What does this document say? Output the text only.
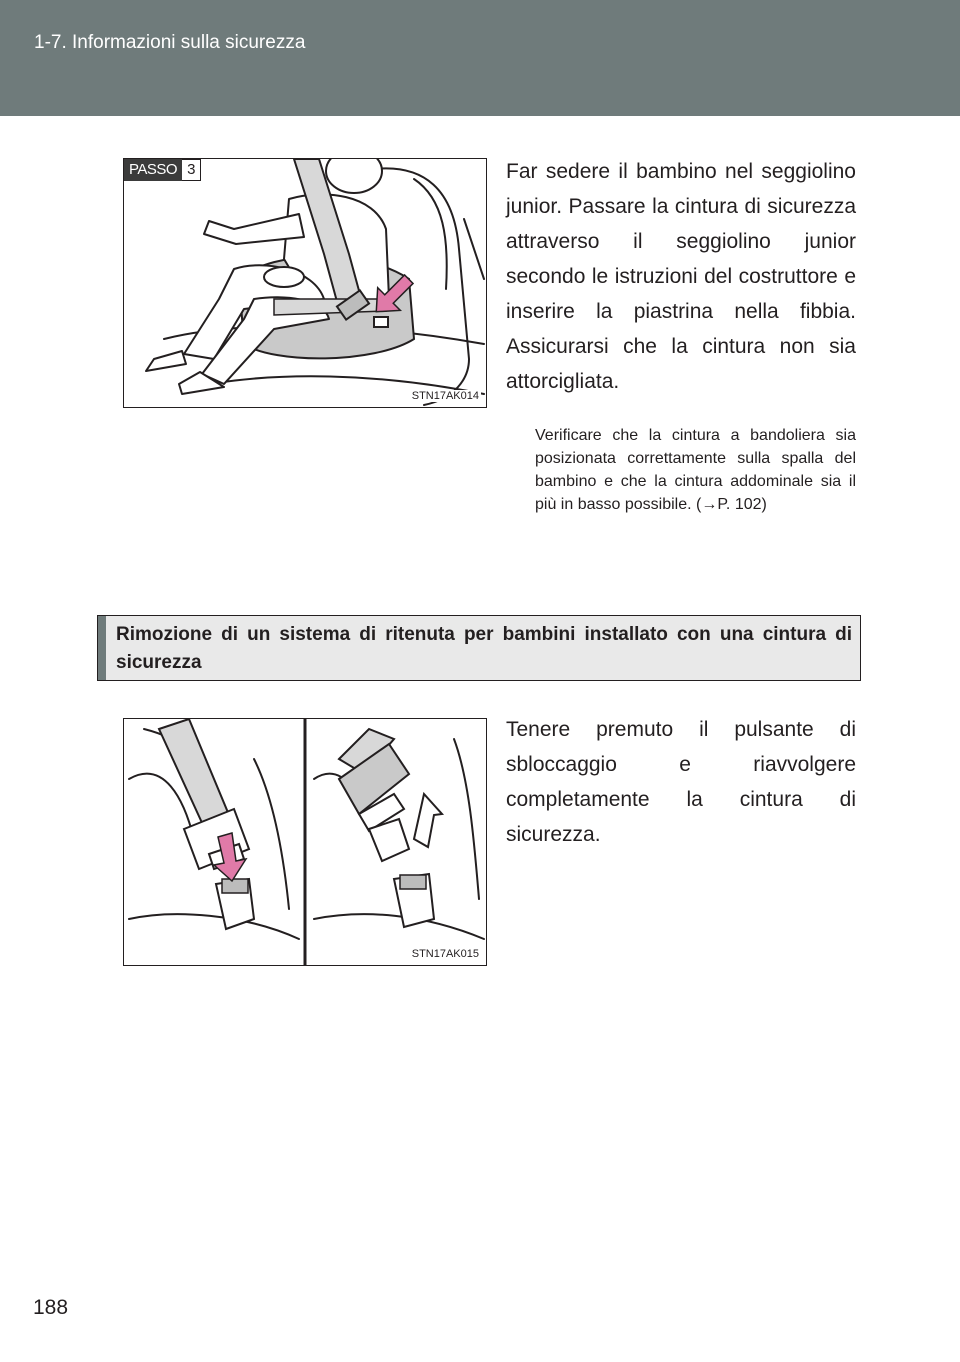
1-7. Informazioni sulla sicurezza
PASSO 3
STN17AK014
Far sedere il bambino nel seggiolino junior. Passare la cintura di sicurezza attraverso il seggiolino junior secondo le istruzioni del costruttore e inserire la piastrina nella fibbia. Assicurarsi che la cintura non sia attorcigliata.
Verificare che la cintura a bandoliera sia posizionata correttamente sulla spalla del bambino e che la cintura addominale sia il più in basso possibile. (→P. 102)
Rimozione di un sistema di ritenuta per bambini installato con una cintura di sicurezza
STN17AK015
Tenere premuto il pulsante di sbloccaggio e riavvolgere completamente la cintura di sicurezza.
188
